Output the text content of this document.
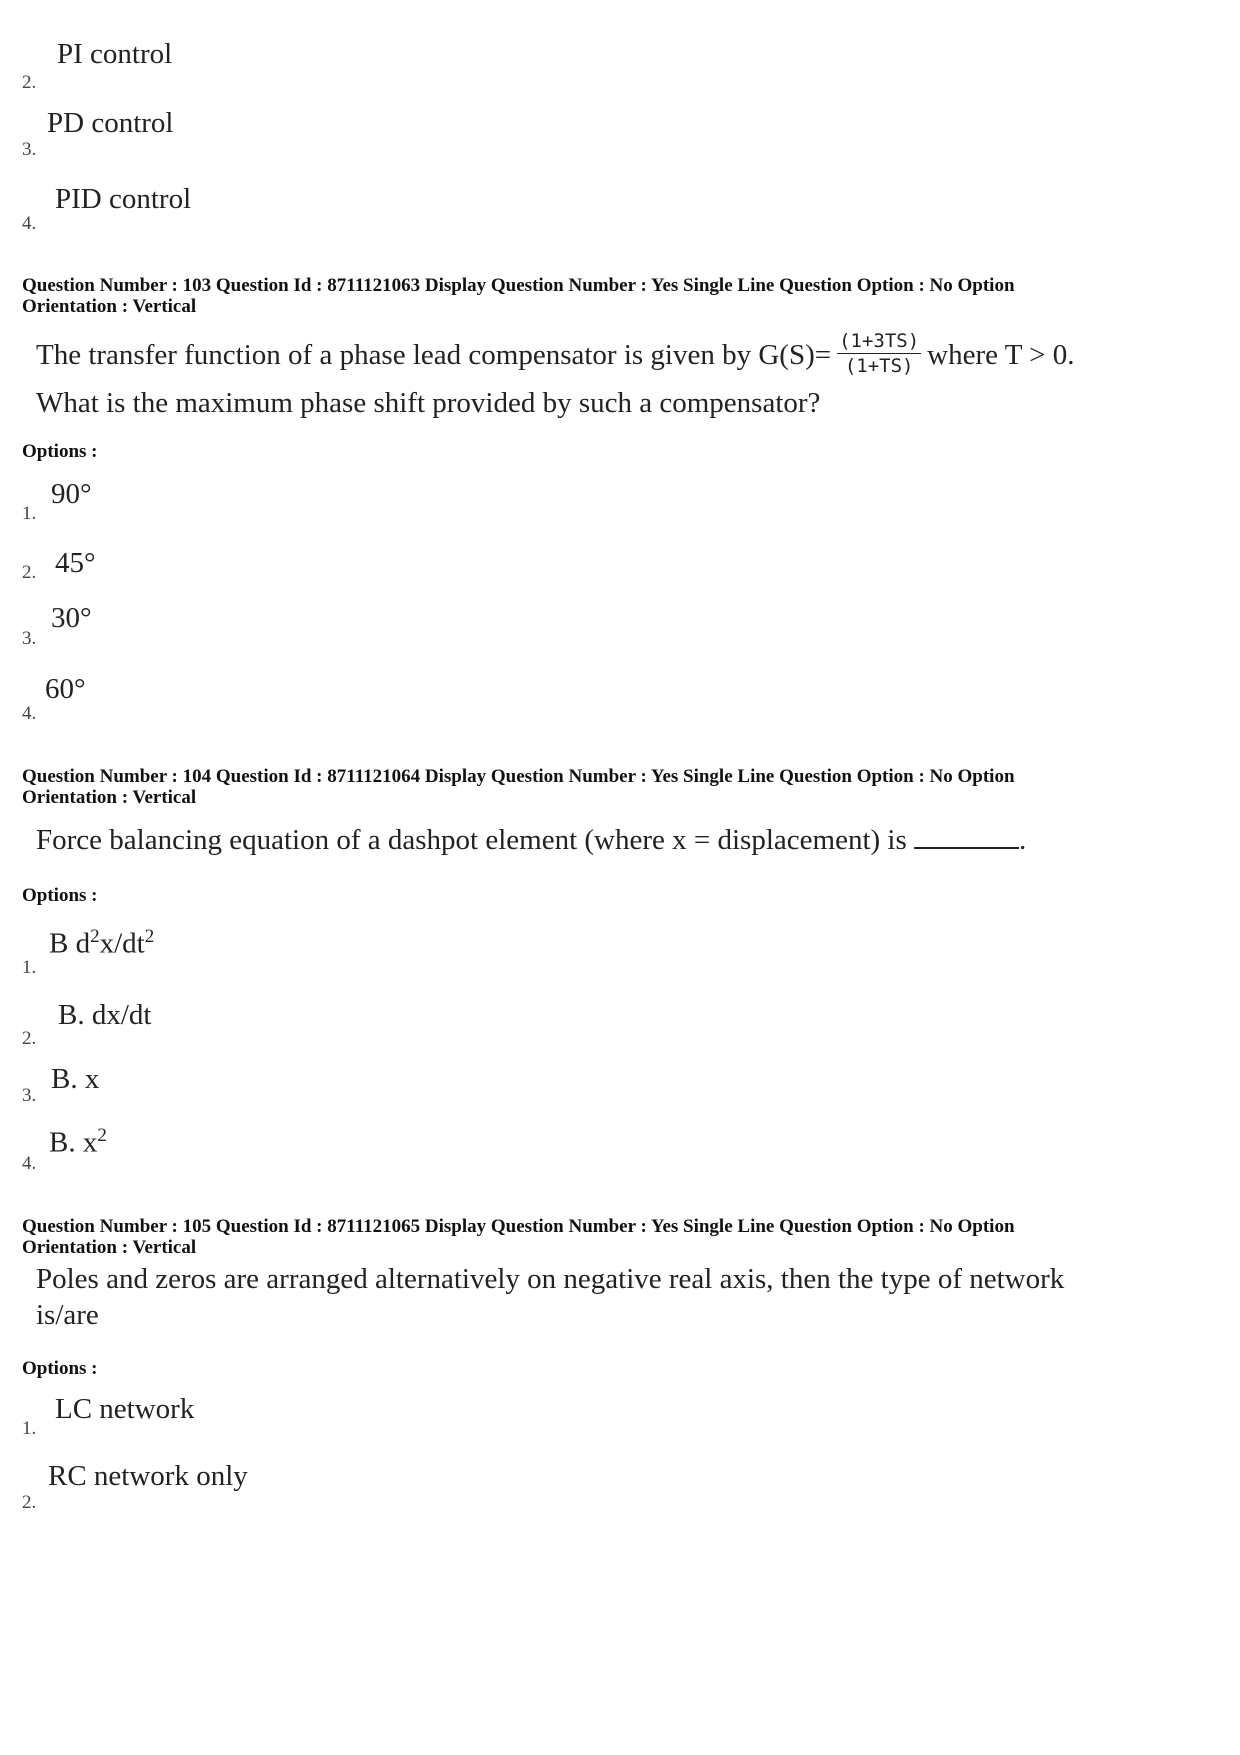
PI control
2.
PD control
3.
PID control
4.
Question Number : 103 Question Id : 8711121063 Display Question Number : Yes Single Line Question Option : No Option
Orientation : Vertical
The transfer function of a phase lead compensator is given by $G(S)= \frac{(1+3TS)}{(1+TS)}$ where T > 0.
What is the maximum phase shift provided by such a compensator?
Options :
90°
1.
2. 45°
30°
3.
60°
4.
Question Number : 104 Question Id : 8711121064 Display Question Number : Yes Single Line Question Option : No Option
Orientation : Vertical
Force balancing equation of a dashpot element (where x = displacement) is	.
Options :
B $d^2x/dt^2$
1.
B. dx/dt
2.
B. x
3.
B. $x^2$
4.
Question Number : 105 Question Id : 8711121065 Display Question Number : Yes Single Line Question Option : No Option
Orientation : Vertical
Poles and zeros are arranged alternatively on negative real axis, then the type of network
is/are
Options :
LC network
1.
RC network only
2.
